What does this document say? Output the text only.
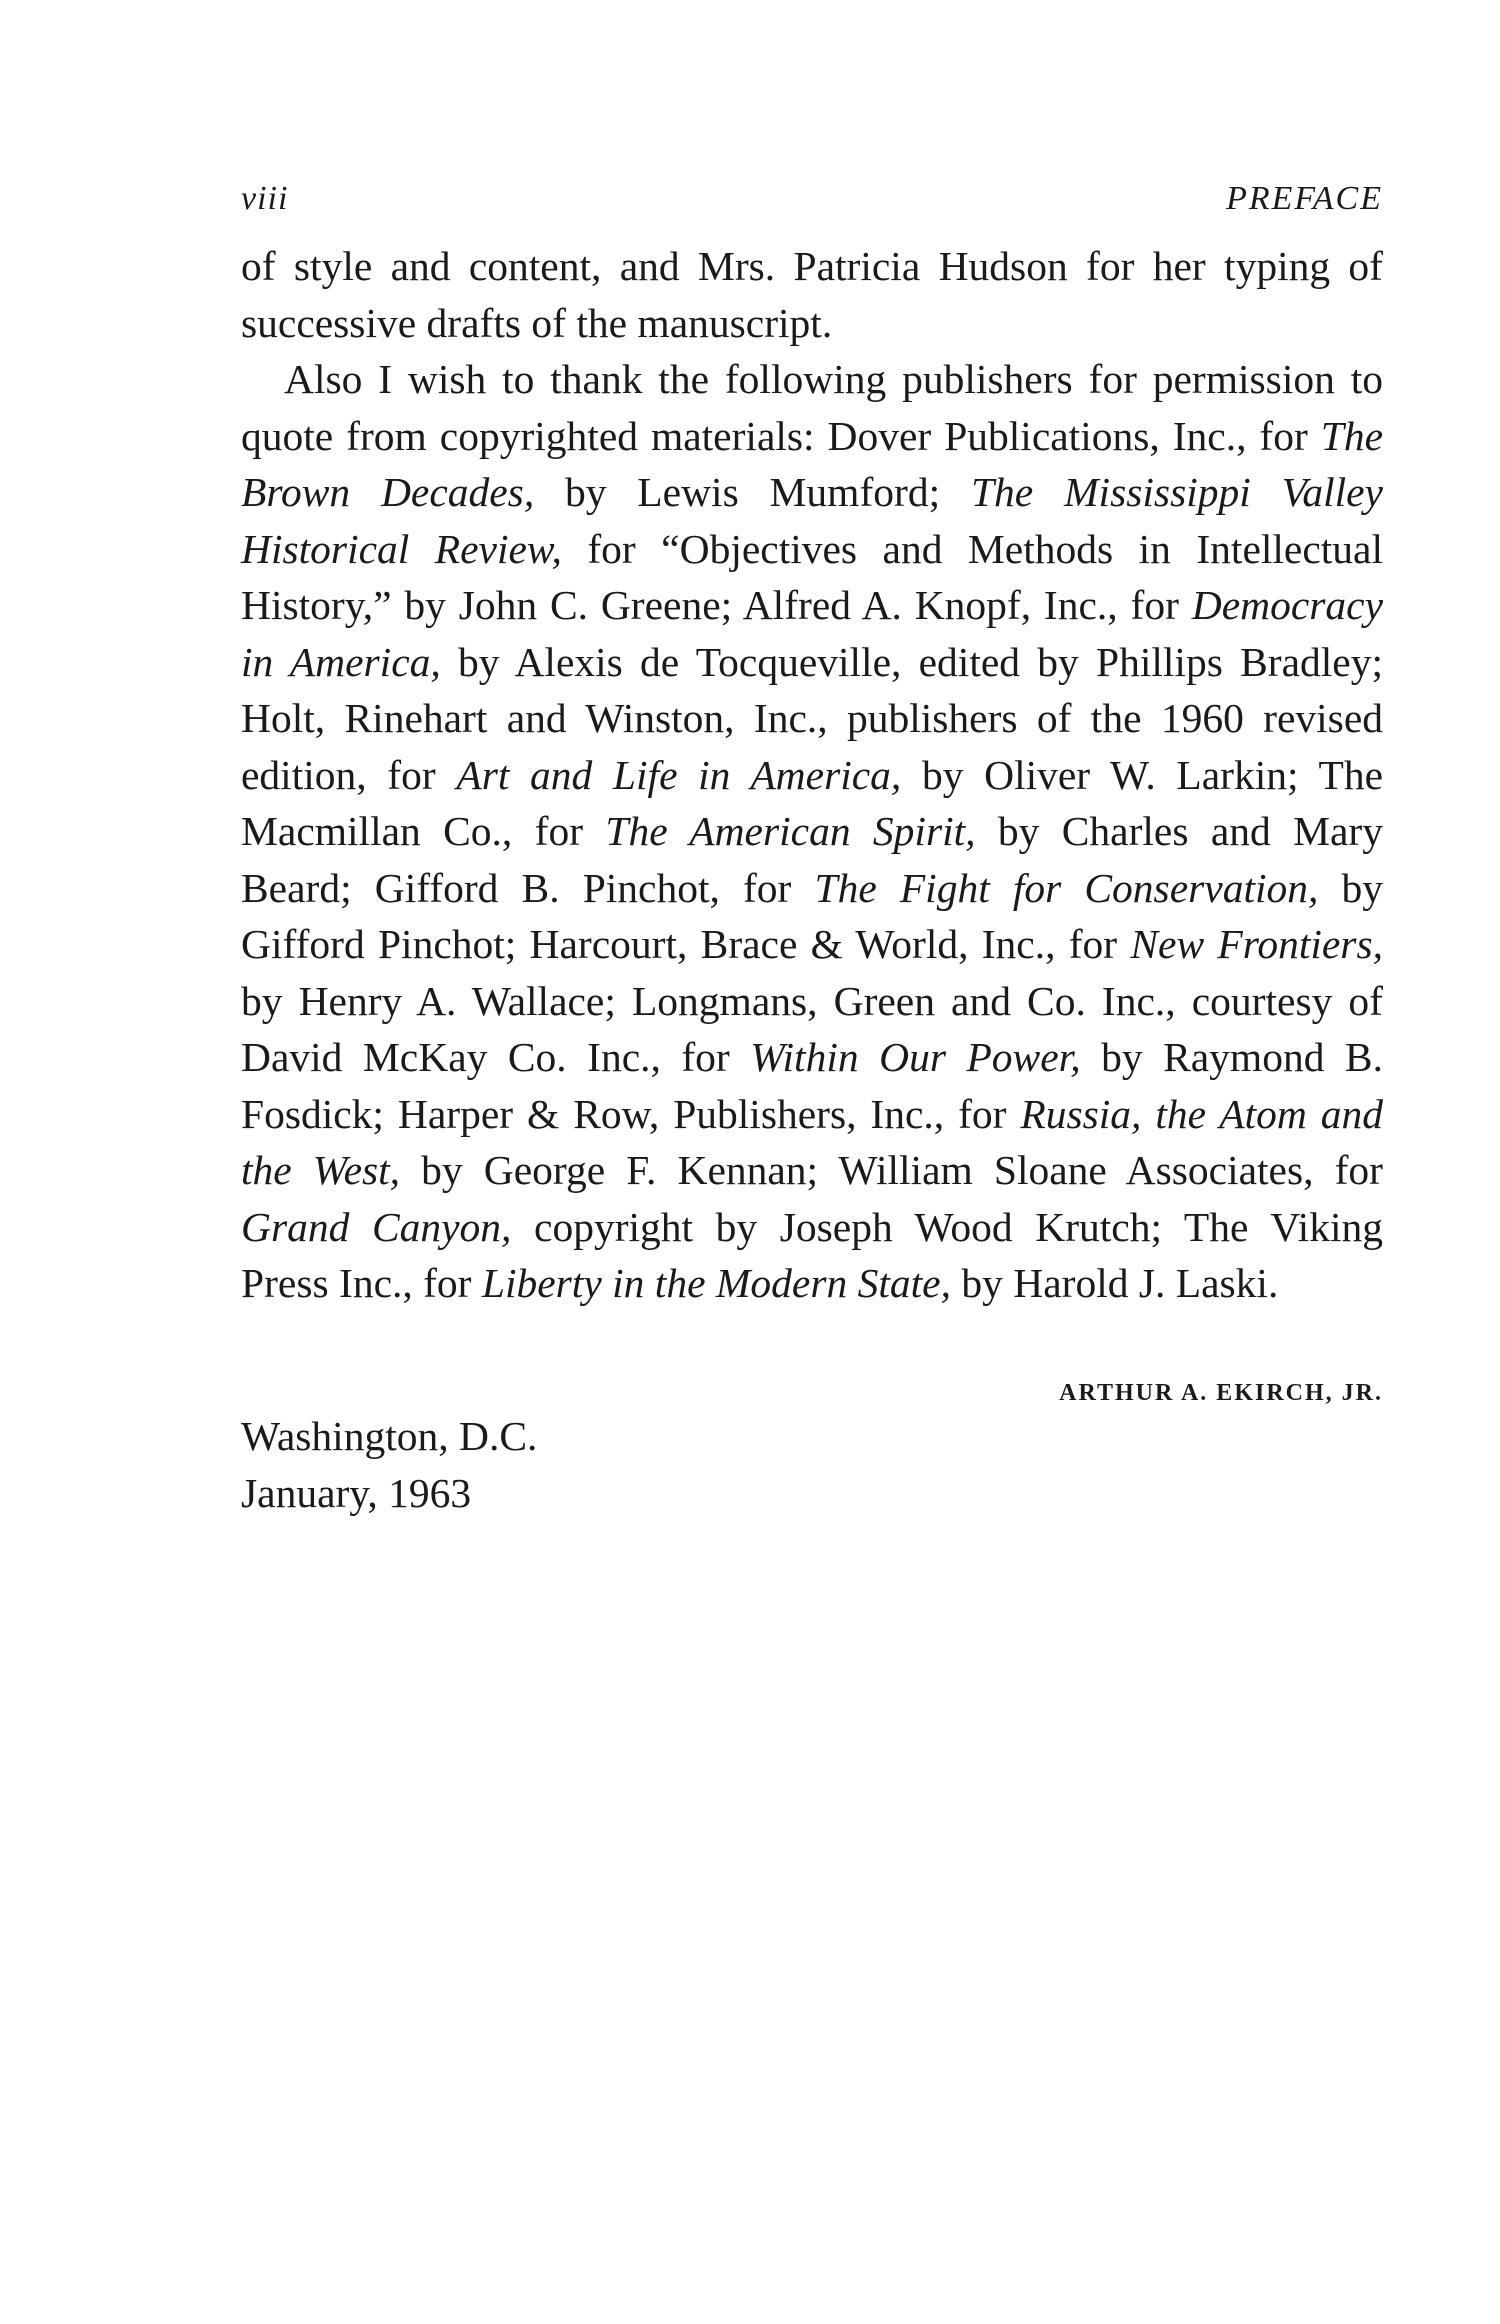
viii	PREFACE

of style and content, and Mrs. Patricia Hudson for her typing of successive drafts of the manuscript.

Also I wish to thank the following publishers for permission to quote from copyrighted materials: Dover Publications, Inc., for The Brown Decades, by Lewis Mumford; The Mississippi Valley Historical Review, for “Objectives and Methods in Intellectual History,” by John C. Greene; Alfred A. Knopf, Inc., for Democracy in America, by Alexis de Tocqueville, edited by Phillips Bradley; Holt, Rinehart and Winston, Inc., publishers of the 1960 revised edition, for Art and Life in America, by Oliver W. Larkin; The Macmillan Co., for The American Spirit, by Charles and Mary Beard; Gifford B. Pinchot, for The Fight for Conservation, by Gifford Pinchot; Harcourt, Brace & World, Inc., for New Frontiers, by Henry A. Wallace; Longmans, Green and Co. Inc., courtesy of David McKay Co. Inc., for Within Our Power, by Raymond B. Fosdick; Harper & Row, Publishers, Inc., for Russia, the Atom and the West, by George F. Kennan; William Sloane Associates, for Grand Canyon, copyright by Joseph Wood Krutch; The Viking Press Inc., for Liberty in the Modern State, by Harold J. Laski.

ARTHUR A. EKIRCH, JR.
Washington, D.C.
January, 1963
